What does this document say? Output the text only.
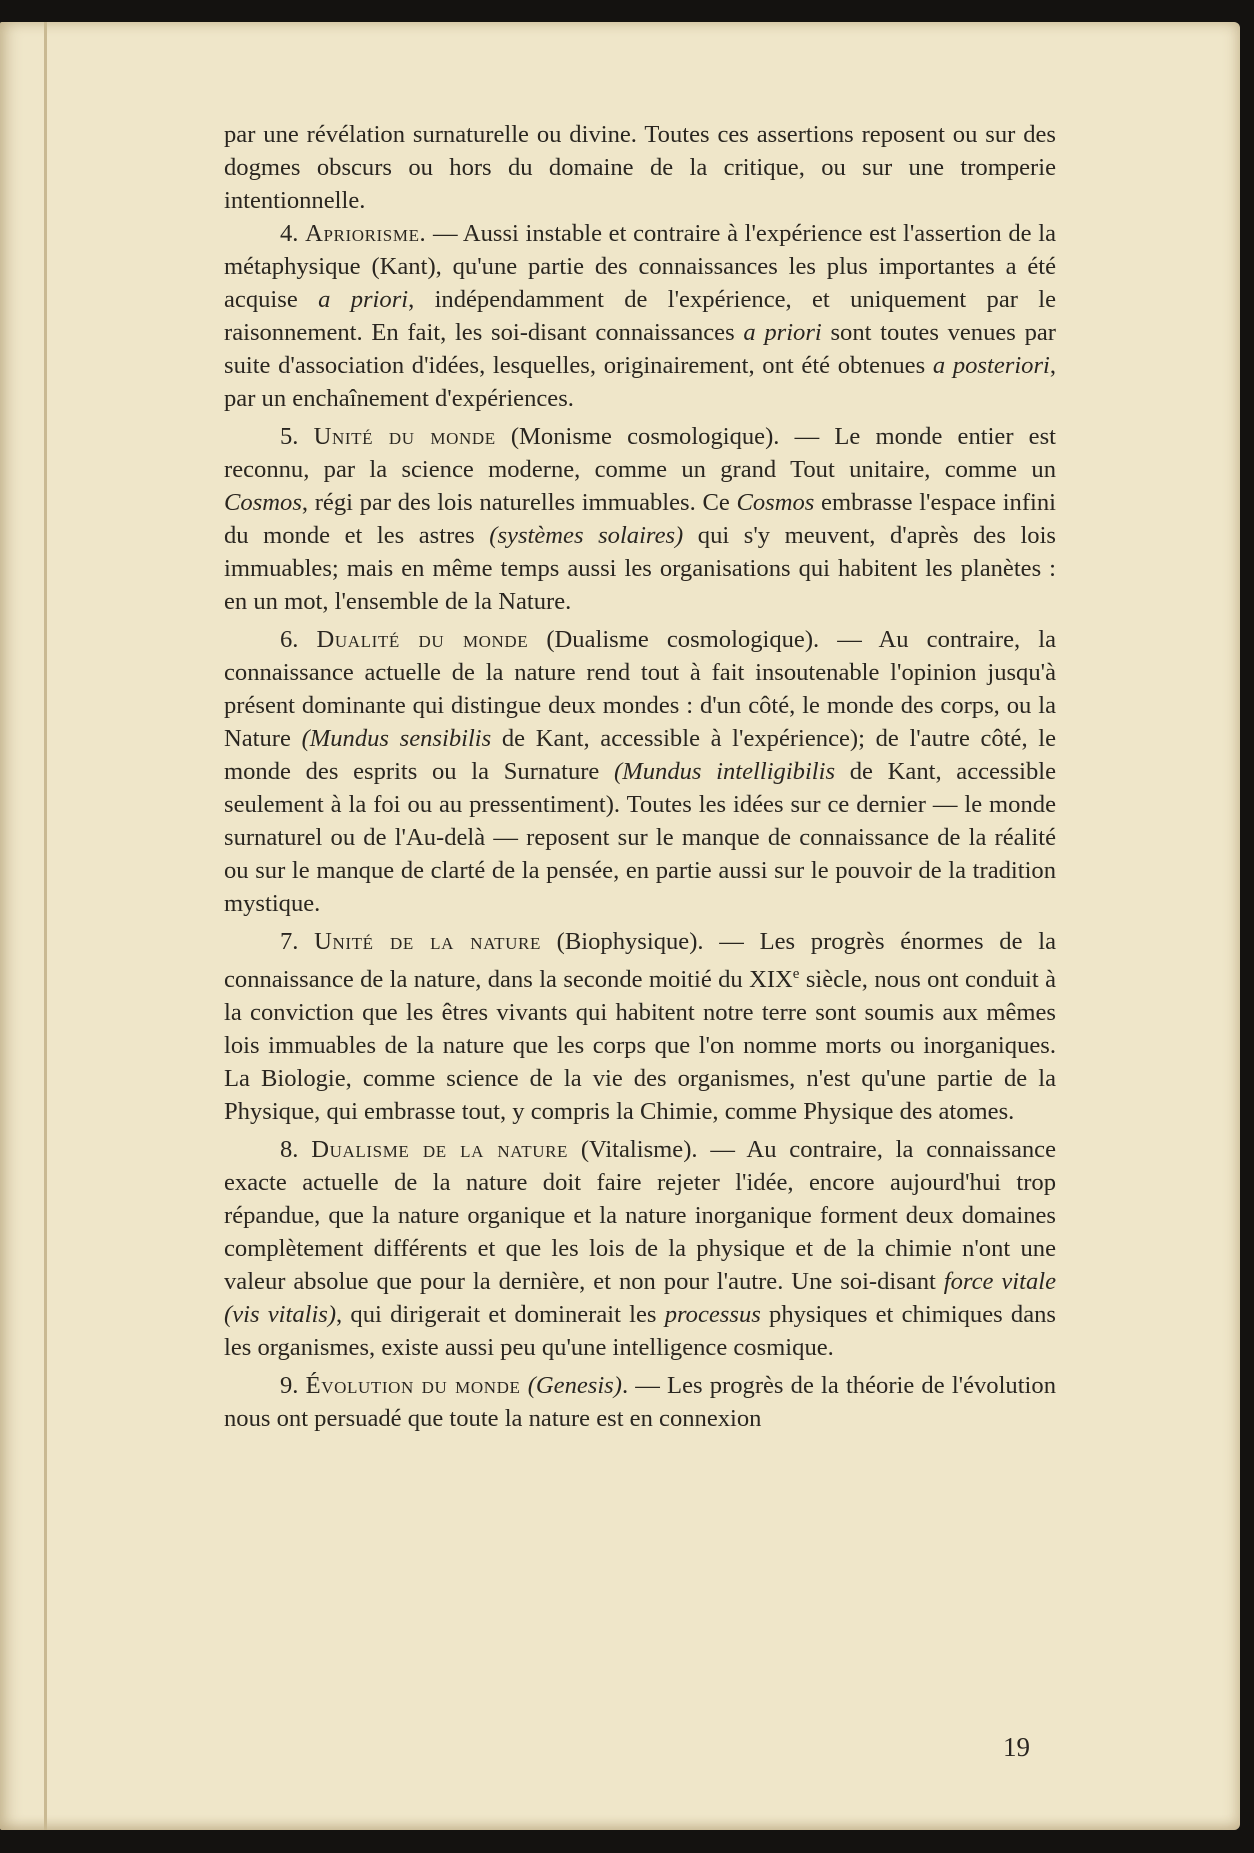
par une révélation surnaturelle ou divine. Toutes ces assertions reposent ou sur des dogmes obscurs ou hors du domaine de la critique, ou sur une tromperie intentionnelle.

4. Apriorisme. — Aussi instable et contraire à l'expérience est l'assertion de la métaphysique (Kant), qu'une partie des connaissances les plus importantes a été acquise a priori, indépendamment de l'expérience, et uniquement par le raisonnement. En fait, les soi-disant connaissances a priori sont toutes venues par suite d'association d'idées, lesquelles, originairement, ont été obtenues a posteriori, par un enchaînement d'expériences.

5. Unité du monde (Monisme cosmologique). — Le monde entier est reconnu, par la science moderne, comme un grand Tout unitaire, comme un Cosmos, régi par des lois naturelles immuables. Ce Cosmos embrasse l'espace infini du monde et les astres (systèmes solaires) qui s'y meuvent, d'après des lois immuables; mais en même temps aussi les organisations qui habitent les planètes : en un mot, l'ensemble de la Nature.

6. Dualité du monde (Dualisme cosmologique). — Au contraire, la connaissance actuelle de la nature rend tout à fait insoutenable l'opinion jusqu'à présent dominante qui distingue deux mondes : d'un côté, le monde des corps, ou la Nature (Mundus sensibilis de Kant, accessible à l'expérience); de l'autre côté, le monde des esprits ou la Surnature (Mundus intelligibilis de Kant, accessible seulement à la foi ou au pressentiment). Toutes les idées sur ce dernier — le monde surnaturel ou de l'Au-delà — reposent sur le manque de connaissance de la réalité ou sur le manque de clarté de la pensée, en partie aussi sur le pouvoir de la tradition mystique.

7. Unité de la nature (Biophysique). — Les progrès énormes de la connaissance de la nature, dans la seconde moitié du XIXe siècle, nous ont conduit à la conviction que les êtres vivants qui habitent notre terre sont soumis aux mêmes lois immuables de la nature que les corps que l'on nomme morts ou inorganiques. La Biologie, comme science de la vie des organismes, n'est qu'une partie de la Physique, qui embrasse tout, y compris la Chimie, comme Physique des atomes.

8. Dualisme de la nature (Vitalisme). — Au contraire, la connaissance exacte actuelle de la nature doit faire rejeter l'idée, encore aujourd'hui trop répandue, que la nature organique et la nature inorganique forment deux domaines complètement différents et que les lois de la physique et de la chimie n'ont une valeur absolue que pour la dernière, et non pour l'autre. Une soi-disant force vitale (vis vitalis), qui dirigerait et dominerait les processus physiques et chimiques dans les organismes, existe aussi peu qu'une intelligence cosmique.

9. Évolution du monde (Genesis). — Les progrès de la théorie de l'évolution nous ont persuadé que toute la nature est en connexion

19
